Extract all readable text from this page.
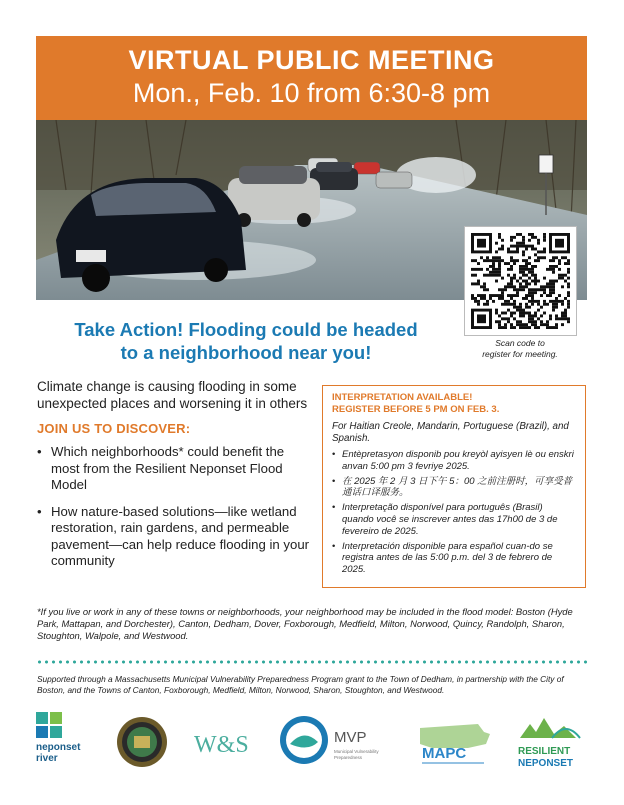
VIRTUAL PUBLIC MEETING
Mon., Feb. 10 from 6:30-8 pm
Scan code to
register for meeting.
Take Action! Flooding could be headed
to a neighborhood near you!

Climate change is causing flooding in some unexpected places and worsening it in others

JOIN US TO DISCOVER:
• Which neighborhoods* could benefit the most from the Resilient Neponset Flood Model
• How nature-based solutions—like wetland restoration, rain gardens, and permeable pavement—can help reduce flooding in your community
INTERPRETATION AVAILABLE!
REGISTER BEFORE 5 PM ON FEB. 3.
For Haitian Creole, Mandarin, Portuguese (Brazil), and Spanish.
• Entèpretasyon disponib pou kreyòl ayisyen lè ou enskri anvan 5:00 pm 3 fevriye 2025.
• 在 2025 年 2 月 3 日下午 5：00 之前注册时，可享受普通话口译服务。
• Interpretação disponível para português (Brasil) quando você se inscrever antes das 17h00 de 3 de fevereiro de 2025.
• Interpretación disponible para español cuan-do se registra antes de las 5:00 p.m. del 3 de febrero de 2025.

*If you live or work in any of these towns or neighborhoods, your neighborhood may be included in the flood model: Boston (Hyde Park, Mattapan, and Dorchester), Canton, Dedham, Dover, Foxborough, Medfield, Milton, Norwood, Quincy, Randolph, Sharon, Stoughton, Walpole, and Westwood.

Supported through a Massachusetts Municipal Vulnerability Preparedness Program grant to the Town of Dedham, in partnership with the City of Boston, and the Towns of Canton, Foxborough, Medfield, Milton, Norwood, Sharon, Stoughton, and Westwood.

neponset
river
W&S	MVP
Municipal Vulnerability
Preparedness	MAPC	RESILIENT
NEPONSET
